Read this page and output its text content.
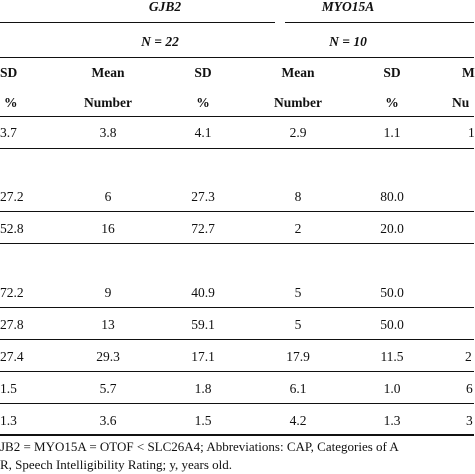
GJB2	MYO15A
N = 22	N = 10
SD	Mean	SD	Mean	SD	M
%	Number	%	Number	%	Nu
3.7	3.8	4.1	2.9	1.1	1
27.2	6	27.3	8	80.0
52.8	16	72.7	2	20.0
72.2	9	40.9	5	50.0
27.8	13	59.1	5	50.0
27.4	29.3	17.1	17.9	11.5	2
1.5	5.7	1.8	6.1	1.0	6
1.3	3.6	1.5	4.2	1.3	3
JB2 = MYO15A = OTOF < SLC26A4; Abbreviations: CAP, Categories of A
R, Speech Intelligibility Rating; y, years old.
